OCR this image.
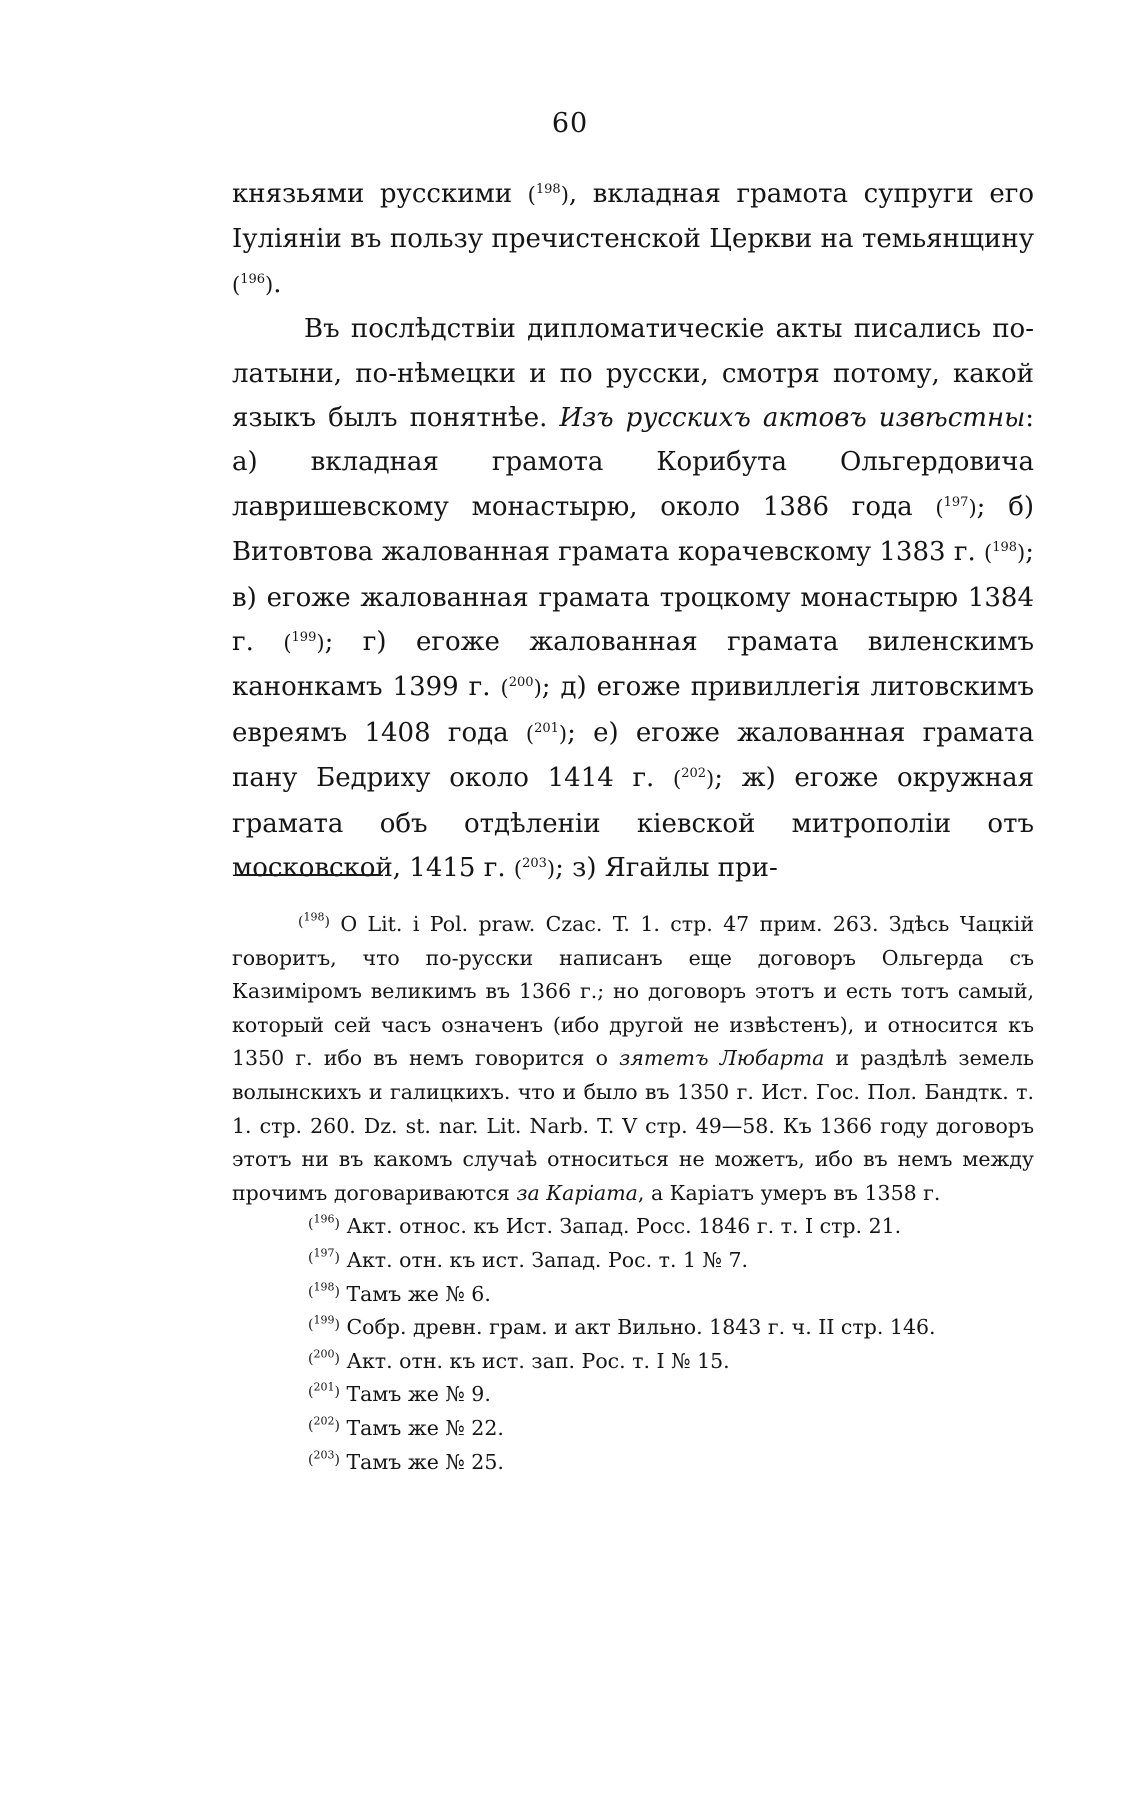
60

князьями русскими ($^{198}$), вкладная грамота супруги его Іуліяніи въ пользу пречистенской Церкви на темьянщину ($^{196}$).

Въ послѣдствіи дипломатическіе акты писались по-латыни, по-нѣмецки и по русски, смотря потому, какой языкъ былъ понятнѣе. Изъ русскихъ актовъ извѣстны: а) вкладная грамота Корибута Ольгердовича лавришевскому монастырю, около 1386 года ($^{197}$); б) Витовтова жалованная грамата корачевскому 1383 г. ($^{198}$); в) егоже жалованная грамата троцкому монастырю 1384 г. ($^{199}$); г) егоже жалованная грамата виленскимъ канонкамъ 1399 г. ($^{200}$); д) егоже привиллегія литовскимъ евреямъ 1408 года ($^{201}$); е) егоже жалованная грамата пану Бедриху около 1414 г. ($^{202}$); ж) егоже окружная грамата объ отдѣленіи кіевской митрополіи отъ московской, 1415 г. ($^{203}$); з) Ягайлы при-

$^{(^{198})}$ О Lit. i Pol. praw. Czac. T. 1. стр. 47 прим. 263. Здѣсь Чацкій говоритъ, что по-русски написанъ еще договоръ Ольгерда съ Казиміромъ великимъ въ 1366 г.; но договоръ этотъ и есть тотъ самый, который сей часъ означенъ (ибо другой не извѣстенъ), и относится къ 1350 г. ибо въ немъ говорится о зятетъ Любарта и раздѣлѣ земель волынскихъ и галицкихъ. что и было въ 1350 г. Ист. Гос. Пол. Бандтк. т. 1. стр. 260. Dz. st. nar. Lit. Narb. T. V стр. 49—58. Къ 1366 году договоръ этотъ ни въ какомъ случаѣ относиться не можетъ, ибо въ немъ между прочимъ договариваются за Каріата, а Каріатъ умеръ въ 1358 г.

$^{(^{196})}$ Акт. относ. къ Ист. Запад. Росс. 1846 г. т. I стр. 21.
$^{(^{197})}$ Акт. отн. къ ист. Запад. Рос. т. 1 № 7.
$^{(^{198})}$ Тамъ же № 6.
$^{(^{199})}$ Собр. древн. грам. и акт Вильно. 1843 г. ч. II стр. 146.
$^{(^{200})}$ Акт. отн. къ ист. зап. Рос. т. I № 15.
$^{(^{201})}$ Тамъ же № 9.
$^{(^{202})}$ Тамъ же № 22.
$^{(^{203})}$ Тамъ же № 25.
